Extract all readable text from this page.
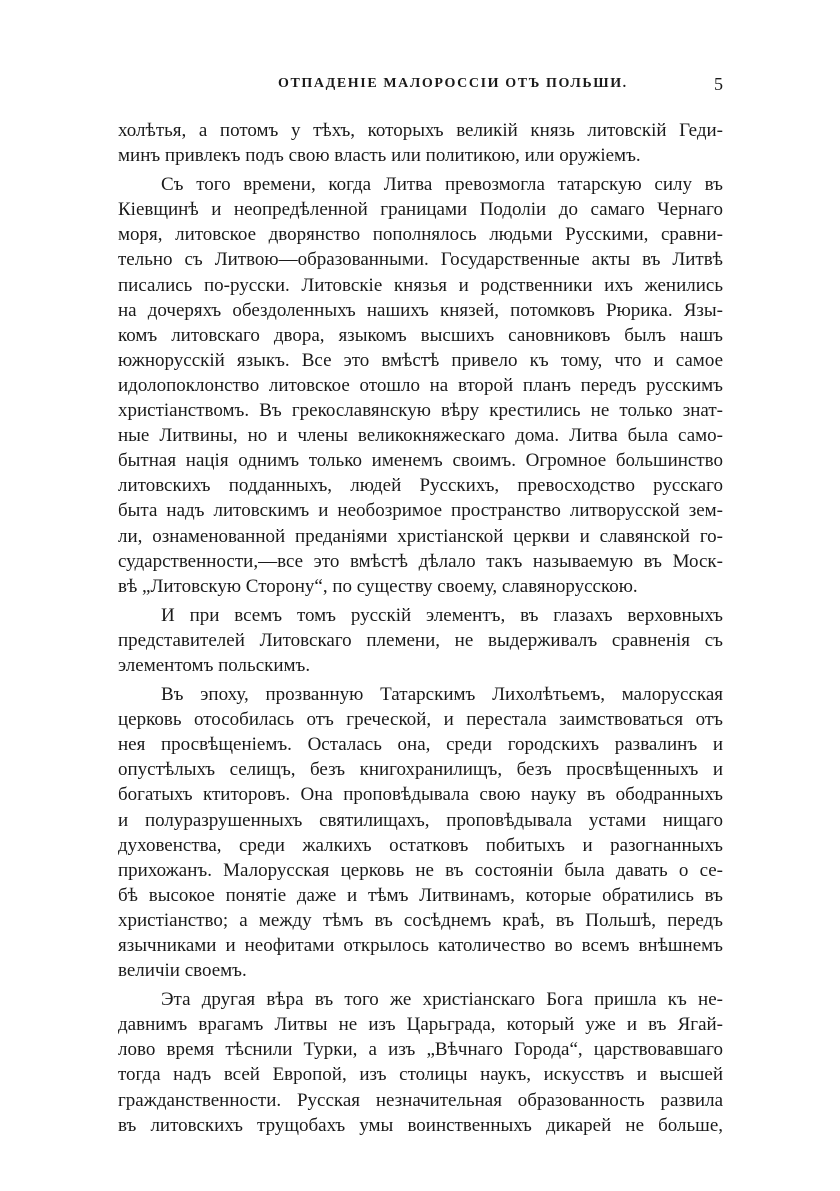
ОТПАДЕНІЕ МАЛОРОССІИ ОТЪ ПОЛЬШИ.	5
холѣтья, а потомъ у тѣхъ, которыхъ великій князь литовскій Геди-
минъ привлекъ подъ свою власть или политикою, или оружіемъ.
Съ того времени, когда Литва превозмогла татарскую силу въ
Кіевщинѣ и неопредѣленной границами Подоліи до самаго Чернаго
моря, литовское дворянство пополнялось людьми Русскими, сравни-
тельно съ Литвою—образованными. Государственные акты въ Литвѣ
писались по-русски. Литовскіе князья и родственники ихъ женились
на дочеряхъ обездоленныхъ нашихъ князей, потомковъ Рюрика. Язы-
комъ литовскаго двора, языкомъ высшихъ сановниковъ былъ нашъ
южнорусскій языкъ. Все это вмѣстѣ привело къ тому, что и самое
идолопоклонство литовское отошло на второй планъ передъ русскимъ
христіанствомъ. Въ грекославянскую вѣру крестились не только знат-
ные Литвины, но и члены великокняжескаго дома. Литва была само-
бытная нація однимъ только именемъ своимъ. Огромное большинство
литовскихъ подданныхъ, людей Русскихъ, превосходство русскаго
быта надъ литовскимъ и необозримое пространство литворусской зем-
ли, ознаменованной преданіями христіанской церкви и славянской го-
сударственности,—все это вмѣстѣ дѣлало такъ называемую въ Моск-
вѣ „Литовскую Сторону“, по существу своему, славянорусскою.
И при всемъ томъ русскій элементъ, въ глазахъ верховныхъ
представителей Литовскаго племени, не выдерживалъ сравненія съ
элементомъ польскимъ.
Въ эпоху, прозванную Татарскимъ Лихолѣтьемъ, малорусская
церковь отособилась отъ греческой, и перестала заимствоваться отъ
нея просвѣщеніемъ. Осталась она, среди городскихъ развалинъ и
опустѣлыхъ селищъ, безъ книгохранилищъ, безъ просвѣщенныхъ и
богатыхъ ктиторовъ. Она проповѣдывала свою науку въ ободранныхъ
и полуразрушенныхъ святилищахъ, проповѣдывала устами нищаго
духовенства, среди жалкихъ остатковъ побитыхъ и разогнанныхъ
прихожанъ. Малорусская церковь не въ состояніи была давать о се-
бѣ высокое понятіе даже и тѣмъ Литвинамъ, которые обратились въ
христіанство; а между тѣмъ въ сосѣднемъ краѣ, въ Польшѣ, передъ
язычниками и неофитами открылось католичество во всемъ внѣшнемъ
величіи своемъ.
Эта другая вѣра въ того же христіанскаго Бога пришла къ не-
давнимъ врагамъ Литвы не изъ Царьграда, который уже и въ Ягай-
лово время тѣснили Турки, а изъ „Вѣчнаго Города“, царствовавшаго
тогда надъ всей Европой, изъ столицы наукъ, искусствъ и высшей
гражданственности. Русская незначительная образованность развила
въ литовскихъ трущобахъ умы воинственныхъ дикарей не больше,
